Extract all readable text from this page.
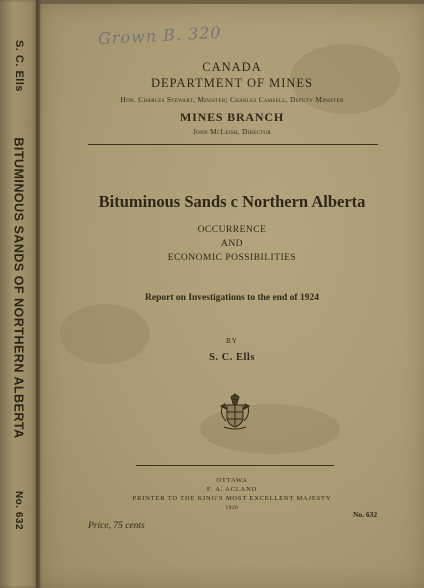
S. C. Ells
BITUMINOUS SANDS OF NORTHERN ALBERTA
No. 632
Grown B. 320
CANADA
DEPARTMENT OF MINES
Hon. Charles Stewart, Minister; Charles Camsell, Deputy Minister
MINES BRANCH
John McLeish, Director
Bituminous Sands c Northern Alberta
OCCURRENCE
AND
ECONOMIC POSSIBILITIES
Report on Investigations to the end of 1924
BY
S. C. Ells
OTTAWA
F. A. ACLAND
PRINTER TO THE KING'S MOST EXCELLENT MAJESTY
1926
No. 632
Price, 75 cents
